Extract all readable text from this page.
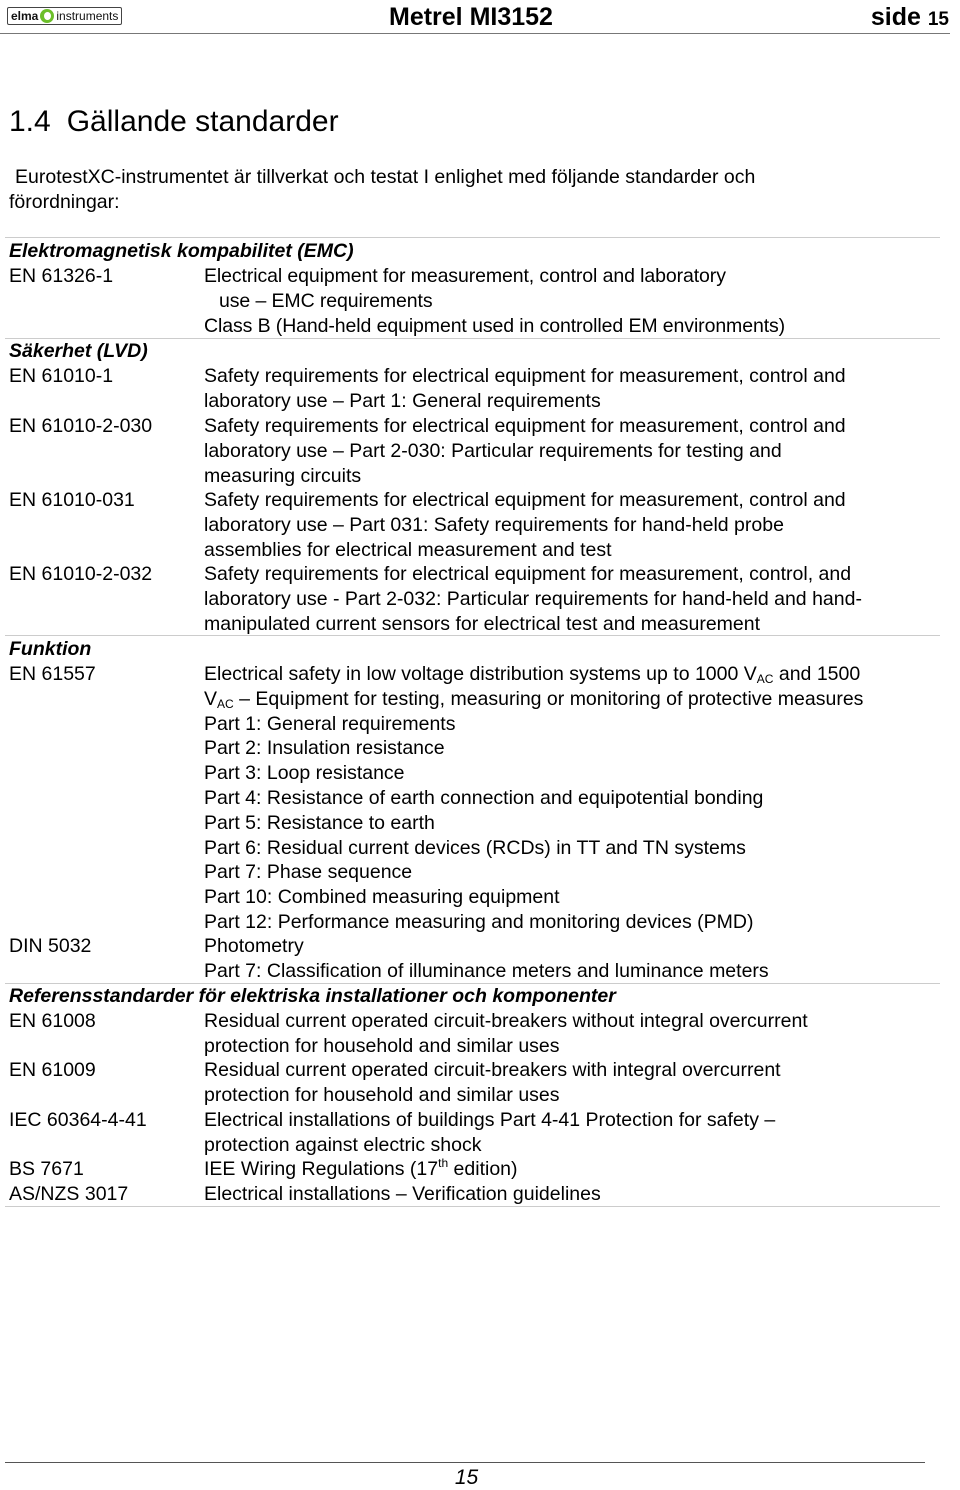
elma instruments	Metrel MI3152	side 15
1.4 Gällande standarder
EurotestXC-instrumentet är tillverkat och testat I enlighet med följande standarder och
förordningar:
Elektromagnetisk kompabilitet (EMC)
EN 61326-1	Electrical equipment for measurement, control and laboratory
use – EMC requirements
Class B (Hand-held equipment used in controlled EM environments)
Säkerhet (LVD)
EN 61010-1	Safety requirements for electrical equipment for measurement, control and
laboratory use – Part 1: General requirements
EN 61010-2-030	Safety requirements for electrical equipment for measurement, control and
laboratory use – Part 2-030: Particular requirements for testing and
measuring circuits
EN 61010-031	Safety requirements for electrical equipment for measurement, control and
laboratory use – Part 031: Safety requirements for hand-held probe
assemblies for electrical measurement and test
EN 61010-2-032	Safety requirements for electrical equipment for measurement, control, and
laboratory use - Part 2-032: Particular requirements for hand-held and hand-
manipulated current sensors for electrical test and measurement
Funktion
EN 61557	Electrical safety in low voltage distribution systems up to 1000 $V_{AC}$ and 1500
$V_{AC}$ – Equipment for testing, measuring or monitoring of protective measures
Part 1: General requirements
Part 2: Insulation resistance
Part 3: Loop resistance
Part 4: Resistance of earth connection and equipotential bonding
Part 5: Resistance to earth
Part 6: Residual current devices (RCDs) in TT and TN systems
Part 7: Phase sequence
Part 10: Combined measuring equipment
Part 12: Performance measuring and monitoring devices (PMD)
DIN 5032	Photometry
Part 7: Classification of illuminance meters and luminance meters
Referensstandarder för elektriska installationer och komponenter
EN 61008	Residual current operated circuit-breakers without integral overcurrent
protection for household and similar uses
EN 61009	Residual current operated circuit-breakers with integral overcurrent
protection for household and similar uses
IEC 60364-4-41	Electrical installations of buildings Part 4-41 Protection for safety –
protection against electric shock
BS 7671	IEE Wiring Regulations (17th edition)
AS/NZS 3017	Electrical installations – Verification guidelines
15
